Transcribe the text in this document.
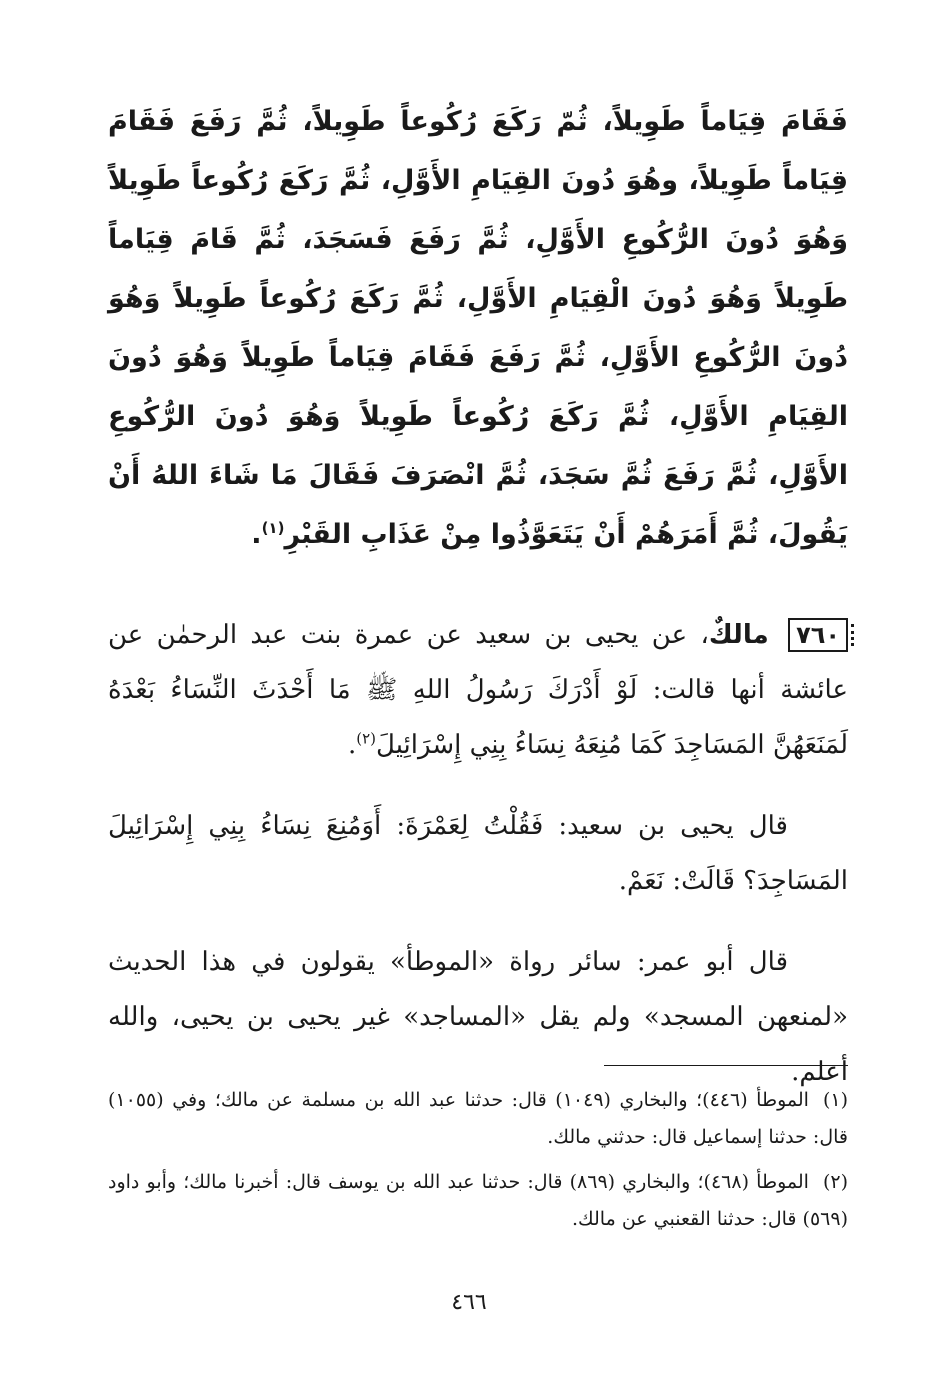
فَقَامَ قِيَاماً طَوِيلاً، ثُمّ رَكَعَ رُكُوعاً طَوِيلاً، ثُمَّ رَفَعَ فَقَامَ قِيَاماً طَوِيلاً، وهُوَ دُونَ القِيَامِ الأَوَّلِ، ثُمَّ رَكَعَ رُكُوعاً طَوِيلاً وَهُوَ دُونَ الرُّكُوعِ الأَوَّلِ، ثُمَّ رَفَعَ فَسَجَدَ، ثُمَّ قَامَ قِيَاماً طَوِيلاً وَهُوَ دُونَ الْقِيَامِ الأَوَّلِ، ثُمَّ رَكَعَ رُكُوعاً طَوِيلاً وَهُوَ دُونَ الرُّكُوعِ الأَوَّلِ، ثُمَّ رَفَعَ فَقَامَ قِيَاماً طَوِيلاً وَهُوَ دُونَ القِيَامِ الأَوَّلِ، ثُمَّ رَكَعَ رُكُوعاً طَوِيلاً وَهُوَ دُونَ الرُّكُوعِ الأَوَّلِ، ثُمَّ رَفَعَ ثُمَّ سَجَدَ، ثُمَّ انْصَرَفَ فَقَالَ مَا شَاءَ اللهُ أَنْ يَقُولَ، ثُمَّ أَمَرَهُمْ أَنْ يَتَعَوَّذُوا مِنْ عَذَابِ القَبْرِ$^{(١)}$.

٧٦٠ مالكٌ، عن يحيى بن سعيد عن عمرة بنت عبد الرحمٰن عن عائشة أنها قالت: لَوْ أَدْرَكَ رَسُولُ اللهِ ﷺ مَا أَحْدَثَ النِّسَاءُ بَعْدَهُ لَمَنَعَهُنَّ المَسَاجِدَ كَمَا مُنِعَهُ نِسَاءُ بِنِي إِسْرَائِيلَ$^{(٢)}$.

قال يحيى بن سعيد: فَقُلْتُ لِعَمْرَةَ: أَوَمُنِعَ نِسَاءُ بِنِي إِسْرَائِيلَ المَسَاجِدَ؟ قَالَتْ: نَعَمْ.

قال أبو عمر: سائر رواة «الموطأ» يقولون في هذا الحديث «لمنعهن المسجد» ولم يقل «المساجد» غير يحيى بن يحيى، والله أعلم.

(١)الموطأ (٤٤٦)؛ والبخاري (١٠٤٩) قال: حدثنا عبد الله بن مسلمة عن مالك؛ وفي (١٠٥٥) قال: حدثنا إسماعيل قال: حدثني مالك.

(٢)الموطأ (٤٦٨)؛ والبخاري (٨٦٩) قال: حدثنا عبد الله بن يوسف قال: أخبرنا مالك؛ وأبو داود (٥٦٩) قال: حدثنا القعنبي عن مالك.

٤٦٦
